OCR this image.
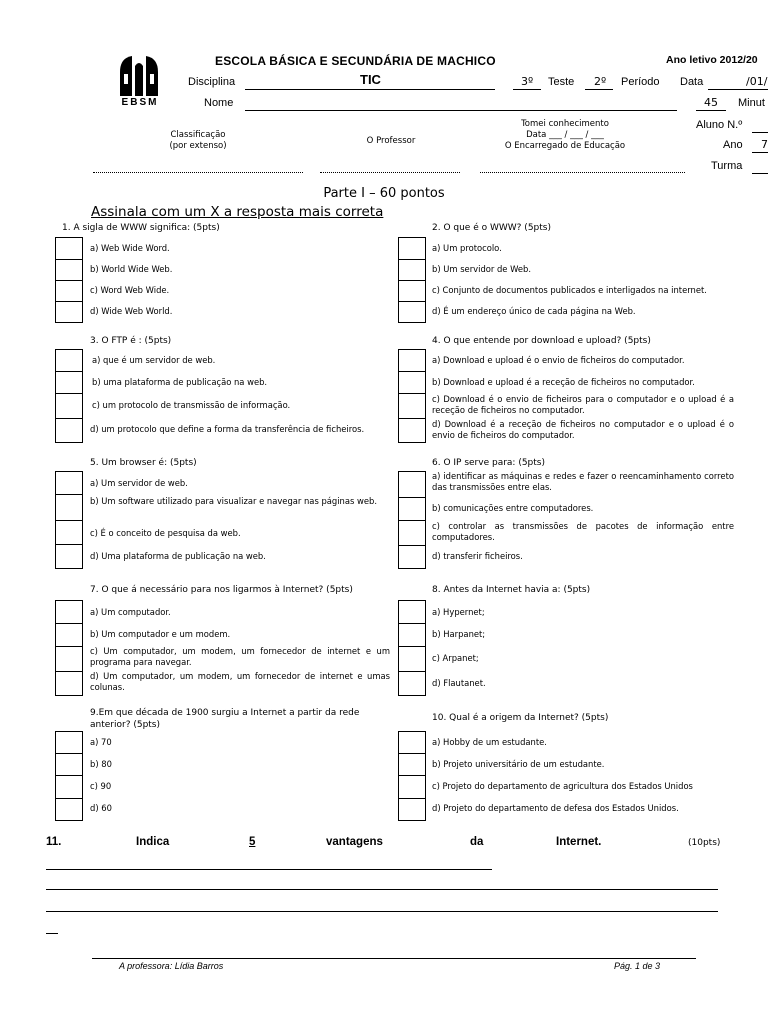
EBSM
ESCOLA BÁSICA E SECUNDÁRIA DE MACHICO	Ano letivo 2012/20
Disciplina	TIC	3º Teste 2º Período Data	/01/
Nome	45 Minut
Classificação
(por extenso)	O Professor
Tomei conhecimento
Data ___ / ___ / ___
O Encarregado de Educação
Aluno N.º
Ano 7
Turma
Parte I – 60 pontos
Assinala com um X a resposta mais correta
1. A sigla de WWW significa: (5pts)
a) Web Wide Word.
b) World Wide Web.
c) Word Web Wide.
d) Wide Web World.
2. O que é o WWW? (5pts)
a) Um protocolo.
b) Um servidor de Web.
c) Conjunto de documentos publicados e interligados na internet.
d) É um endereço único de cada página na Web.
3. O FTP é : (5pts)
a) que é um servidor de web.
b) uma plataforma de publicação na web.
c) um protocolo de transmissão de informação.
d) um protocolo que define a forma da transferência de ficheiros.
4. O que entende por download e upload? (5pts)
a) Download e upload é o envio de ficheiros do computador.
b) Download e upload é a receção de ficheiros no computador.
c) Download é o envio de ficheiros para o computador e o upload é a receção de ficheiros no computador.
d) Download é a receção de ficheiros no computador e o upload é o envio de ficheiros do computador.
5. Um browser é: (5pts)
a) Um servidor de web.
b) Um software utilizado para visualizar e navegar nas páginas web.
c) É o conceito de pesquisa da web.
d) Uma plataforma de publicação na web.
6. O IP serve para: (5pts)
a) identificar as máquinas e redes e fazer o reencaminhamento correto das transmissões entre elas.
b) comunicações entre computadores.
c) controlar as transmissões de pacotes de informação entre computadores.
d) transferir ficheiros.
7. O que á necessário para nos ligarmos à Internet? (5pts)
a) Um computador.
b) Um computador e um modem.
c) Um computador, um modem, um fornecedor de internet e um programa para navegar.
d) Um computador, um modem, um fornecedor de internet e umas colunas.
8. Antes da Internet havia a: (5pts)
a) Hypernet;
b) Harpanet;
c) Arpanet;
d) Flautanet.
9.Em que década de 1900 surgiu a Internet a partir da rede anterior? (5pts)
a) 70
b) 80
c) 90
d) 60
10. Qual é a origem da Internet? (5pts)
a) Hobby de um estudante.
b) Projeto universitário de um estudante.
c) Projeto do departamento de agricultura dos Estados Unidos
d) Projeto do departamento de defesa dos Estados Unidos.
11.	Indica	5	vantagens	da	Internet.	(10pts)
A professora: Lídia Barros	Pág. 1 de 3
